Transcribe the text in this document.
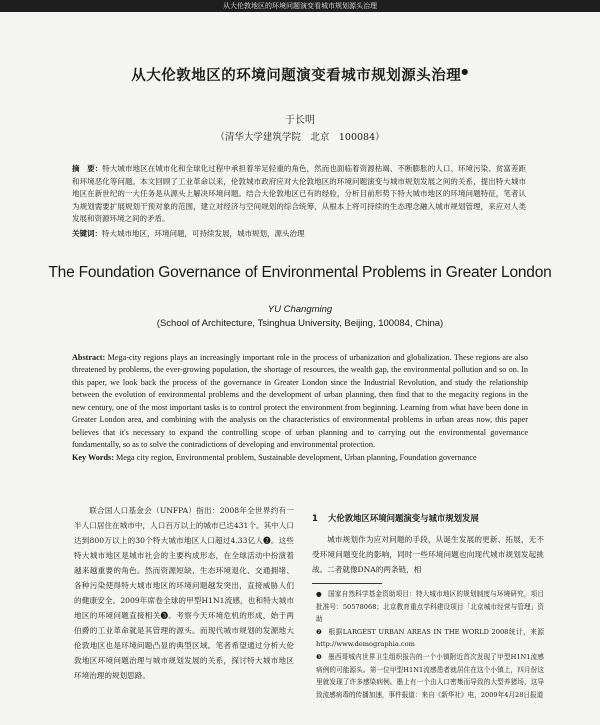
从大伦敦地区的环境问题演变看城市规划源头治理
从大伦敦地区的环境问题演变看城市规划源头治理●
于长明
（清华大学建筑学院　北京　100084）
摘　要：特大城市地区在城市化和全球化过程中承担着举足轻重的角色，然而也面临着资源枯竭、不断膨胀的人口、环境污染、贫富差距和环境恶化等问题。本文回顾了工业革命以来，伦敦城市政府应对大伦敦地区的环境问题演变与城市规划发展之间的关系，提出特大城市地区在新世纪的一大任务是从源头上解决环境问题。结合大伦敦地区已有的经验，分析目前形势下特大城市地区的环境问题特征，笔者认为规划需要扩展规划干预对象的范围，建立对经济与空间规划的综合统筹，从根本上将可持续的生态理念融入城市规划管理，来应对人类发展和资源环境之间的矛盾。
关键词：特大城市地区，环境问题，可持续发展，城市规划，源头治理
The Foundation Governance of Environmental Problems in Greater London
YU Changming
(School of Architecture, Tsinghua University, Beijing, 100084, China)
Abstract: Mega-city regions plays an increasingly important role in the process of urbanization and globalization. These regions are also threatened by problems, the ever-growing population, the shortage of resources, the wealth gap, the environmental pollution and so on. In this paper, we look back the process of the governance in Greater London since the Industrial Revolution, and study the relationship between the evolution of environmental problems and the development of urban planning, then find that to the megacity regions in the new century, one of the most important tasks is to control protect the environment from beginning. Learning from what have been done in Greater London area, and combining with the analysis on the characteristics of environmental problems in urban areas now, this paper believes that it's necessary to expand the controlling scope of urban planning and to carrying out the environmental governance fundamentally, so as to solve the contradictions of developing and environmental protection.
Key Words: Mega city region, Environmental problem, Sustainable development, Urban planning, Foundation governance

联合国人口基金会（UNFPA）指出：2008年全世界约有一半人口居住在城市中，人口百万以上的城市已达431个。其中人口达到800万以上的30个特大城市地区人口超过4.33亿人❷。这些特大城市地区是城市社会的主要构成形态，在全球活动中扮演着越来越重要的角色。然而资源短缺、生态环境退化、交通拥堵、各种污染使得特大城市地区的环境问题越发突出，直接威胁人们的健康安全。2009年席卷全球的甲型H1N1流感，也和特大城市地区的环境问题直接相关❸。考察今天环境危机的形成，始于两伯爵的工业革命就是其管理的源头。而现代城市规划的发源地大伦敦地区也是环境问题凸显的典型区域。笔者希望通过分析大伦敦地区环境问题治理与城市规划发展的关系，探讨特大城市地区环境治理的规划思路。

1 大伦敦地区环境问题演变与城市规划发展

城市规划作为应对问题的手段，从诞生发展的更新、拓展，无不受环境问题变化的影响，同时一些环境问题也向现代城市规划发起挑战。二者就像DNA的两条链，相

● 国家自然科学基金资助项目：特大城市地区的规划制度与环境研究，项目批准号：50578068；北京教育重点学科建设项目「北京城市经营与管理」资助

❷ 根据LARGEST URBAN AREAS IN THE WORLD 2008统计，来源http://www.demographia.com

❸ 墨西哥城内世界卫生组织报告的一个小镇附近首次发现了甲型H1N1流感病例的可能源头。第一位甲型H1N1流感患者就居住在这个小镇上，四月份这里就发现了许多感染病例。墨上有一个由人口密集而导致的大型养猪场，这导致流感病毒的传播加速，事件报道：来自《新华社》电，2009年4月28日报道
